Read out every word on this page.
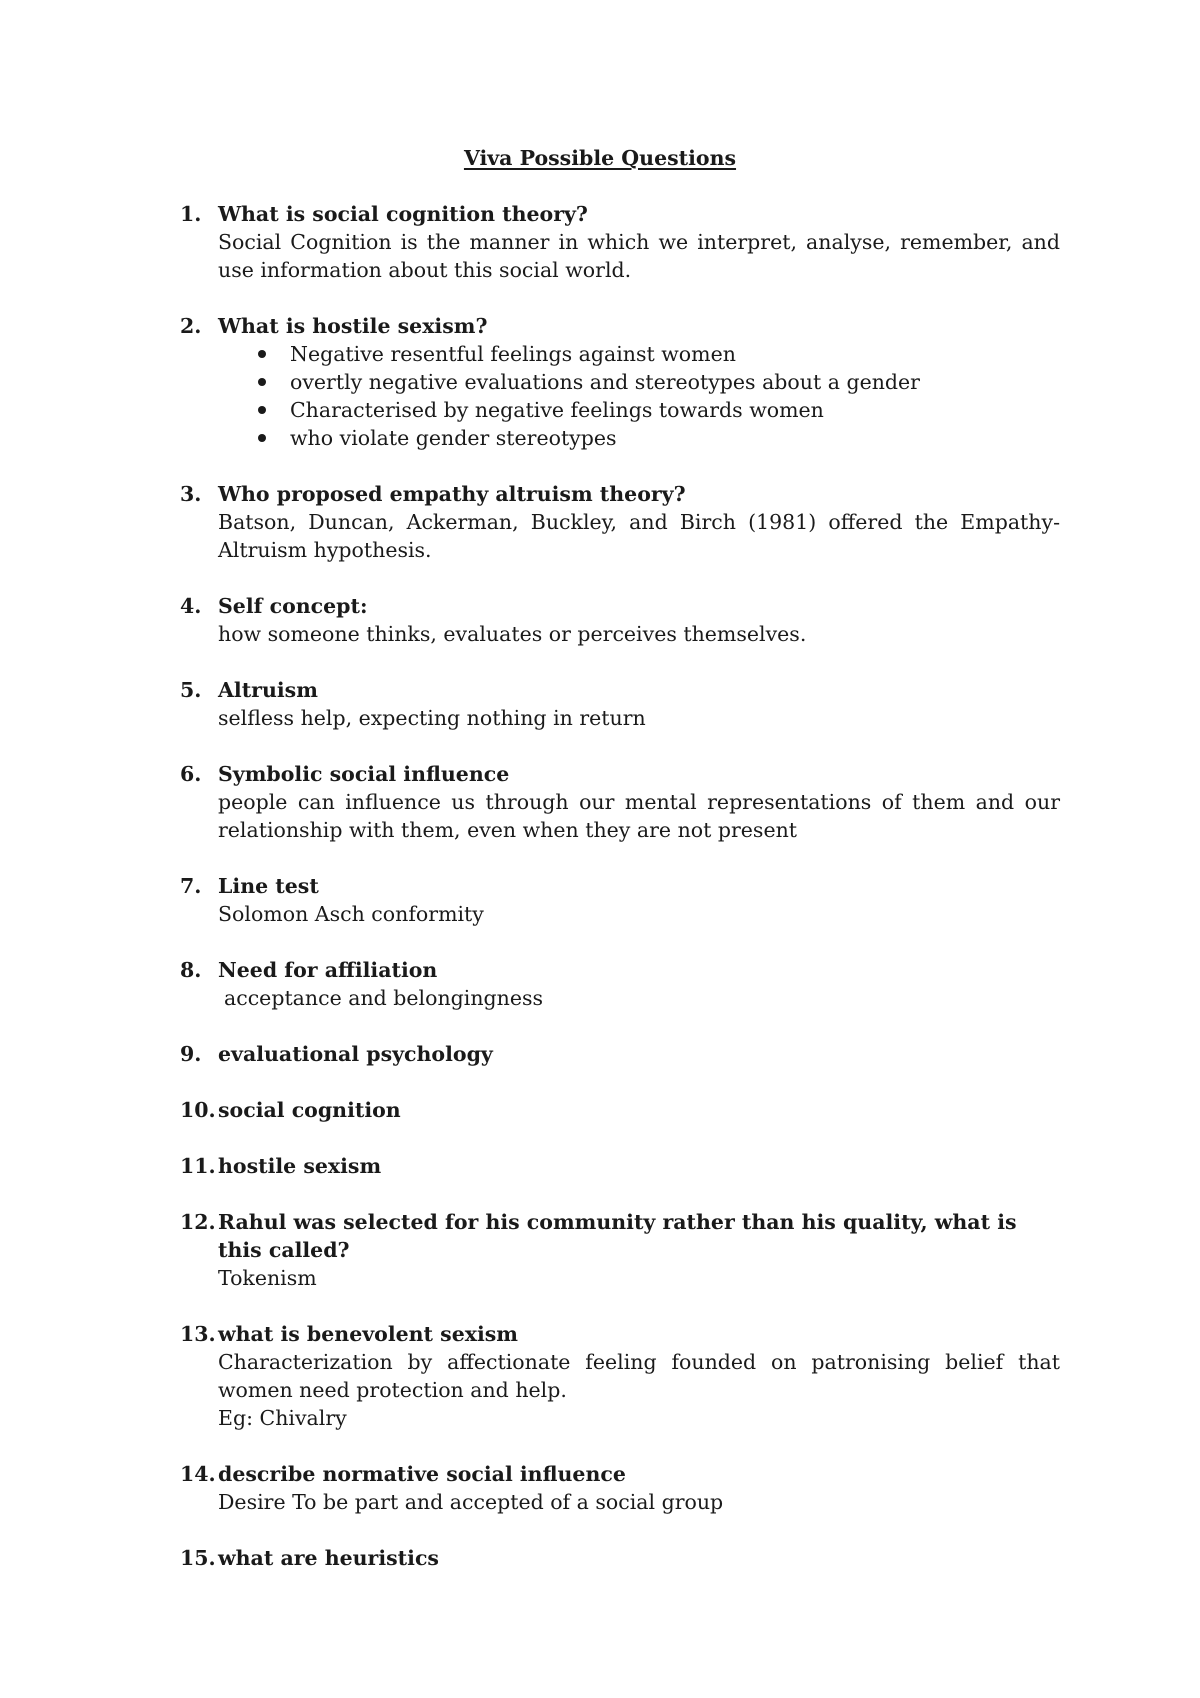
Viva Possible Questions
1. What is social cognition theory?
Social Cognition is the manner in which we interpret, analyse, remember, and use information about this social world.
2. What is hostile sexism?
Negative resentful feelings against women
overtly negative evaluations and stereotypes about a gender
Characterised by negative feelings towards women
who violate gender stereotypes
3. Who proposed empathy altruism theory?
Batson, Duncan, Ackerman, Buckley, and Birch (1981) offered the Empathy-Altruism hypothesis.
4. Self concept:
how someone thinks, evaluates or perceives themselves.
5. Altruism
selfless help, expecting nothing in return
6. Symbolic social influence
people can influence us through our mental representations of them and our relationship with them, even when they are not present
7. Line test
Solomon Asch conformity
8. Need for affiliation
acceptance and belongingness
9. evaluational psychology
10. social cognition
11. hostile sexism
12. Rahul was selected for his community rather than his quality, what is this called?
Tokenism
13. what is benevolent sexism
Characterization by affectionate feeling founded on patronising belief that women need protection and help.
Eg: Chivalry
14. describe normative social influence
Desire To be part and accepted of a social group
15. what are heuristics
